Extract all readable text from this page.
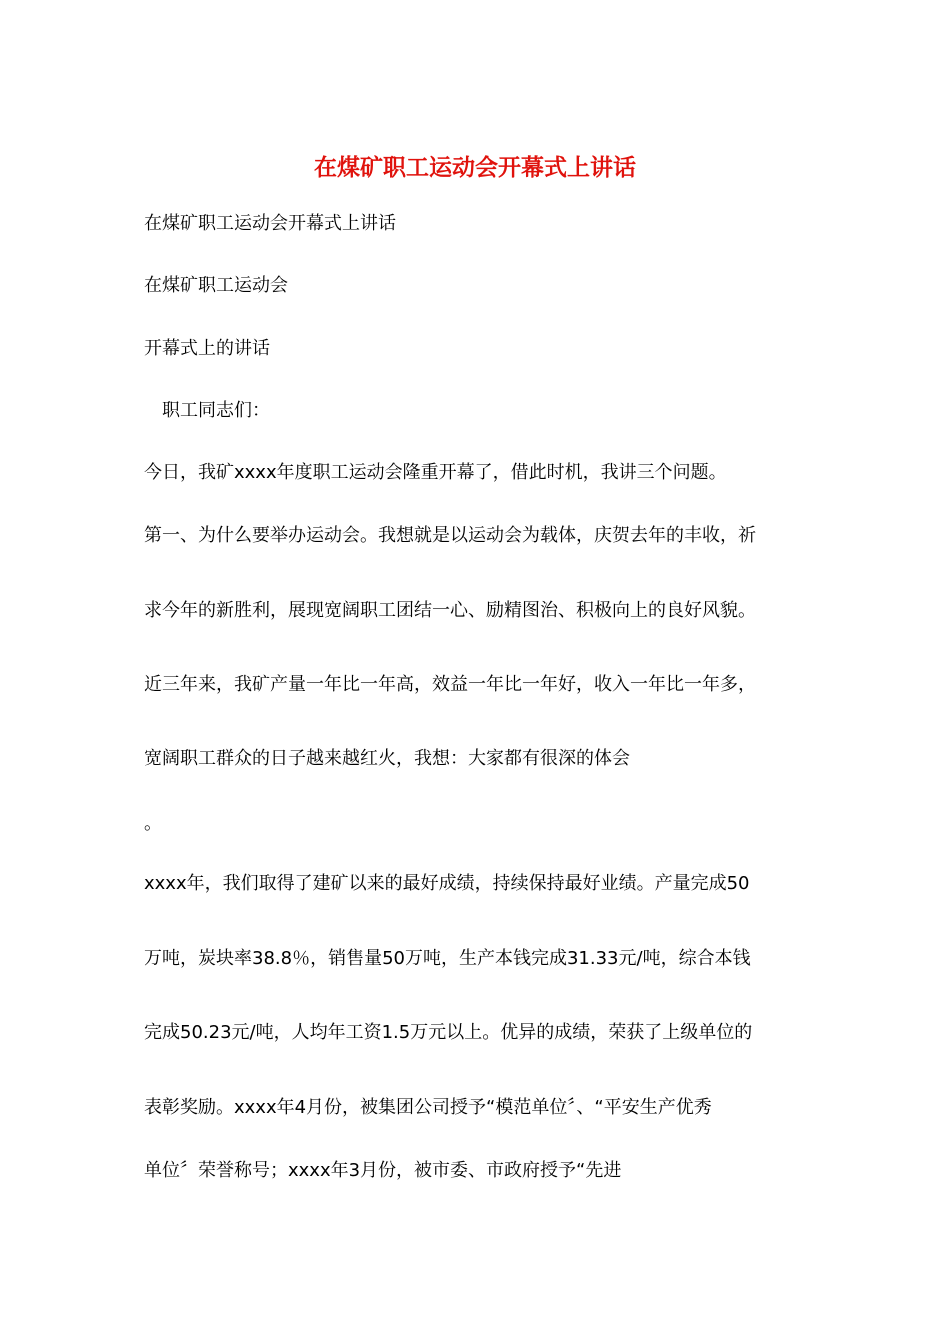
在煤矿职工运动会开幕式上讲话
在煤矿职工运动会开幕式上讲话
在煤矿职工运动会
开幕式上的讲话
　职工同志们：
今日，我矿xxxx年度职工运动会隆重开幕了，借此时机，我讲三个问题。
第一、为什么要举办运动会。我想就是以运动会为载体，庆贺去年的丰收，祈
求今年的新胜利，展现宽阔职工团结一心、励精图治、积极向上的良好风貌。
近三年来，我矿产量一年比一年高，效益一年比一年好，收入一年比一年多，
宽阔职工群众的日子越来越红火，我想：大家都有很深的体会
。
xxxx年，我们取得了建矿以来的最好成绩，持续保持最好业绩。产量完成50
万吨，炭块率38.8％，销售量50万吨，生产本钱完成31.33元/吨，综合本钱
完成50.23元/吨，人均年工资1.5万元以上。优异的成绩，荣获了上级单位的
表彰奖励。xxxx年4月份，被集团公司授予“模范单位〞、“平安生产优秀
单位〞荣誉称号；xxxx年3月份，被市委、市政府授予“先进
